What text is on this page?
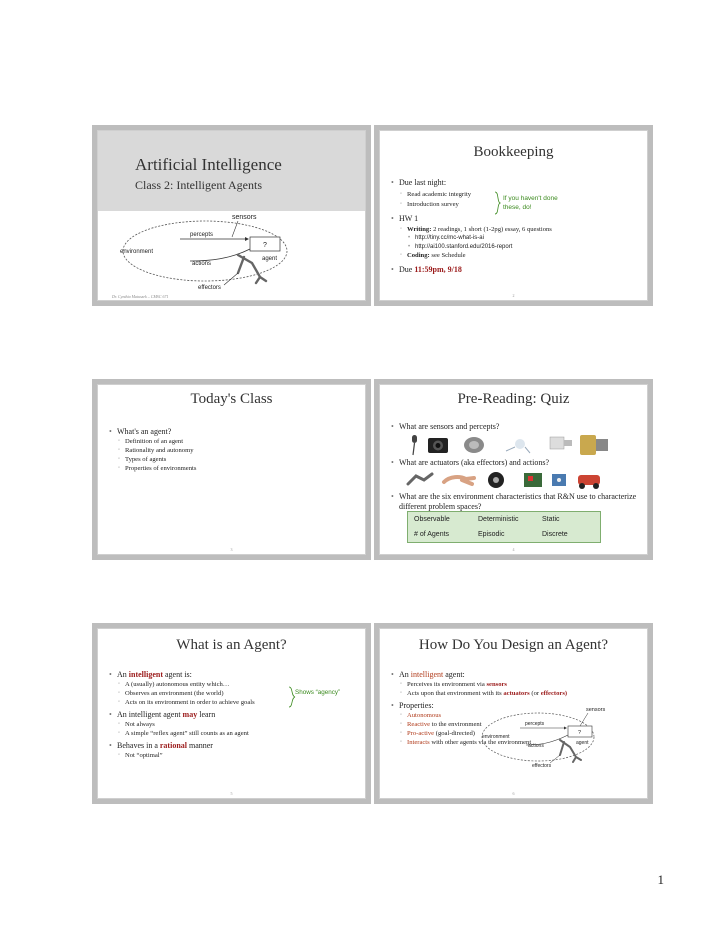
Artificial Intelligence
Class 2: Intelligent Agents
sensors
percepts
environment
actions
effectors
?
agent
Dr. Cynthia Matuszek – CMSC 671
Bookkeeping
• Due last night:
◦ Read academic integrity
◦ Introduction survey
• HW 1
◦ Writing: 2 readings, 1 short (1-2pg) essay, 6 questions
• http://tiny.cc/mc-what-is-ai
• http://ai100.stanford.edu/2016-report
◦ Coding: see Schedule
• Due 11:59pm, 9/18
If you haven't done these, do!
2
Today's Class
• What's an agent?
◦ Definition of an agent
◦ Rationality and autonomy
◦ Types of agents
◦ Properties of environments
3
Pre-Reading: Quiz
• What are sensors and percepts?
• What are actuators (aka effectors) and actions?
• What are the six environment characteristics that R&N use to characterize different problem spaces?
Observable	Deterministic	Static
# of Agents	Episodic	Discrete
4
What is an Agent?
• An intelligent agent is:
◦ A (usually) autonomous entity which…
◦ Observes an environment (the world)
◦ Acts on its environment in order to achieve goals
• An intelligent agent may learn
◦ Not always
◦ A simple “reflex agent” still counts as an agent
• Behaves in a rational manner
◦ Not “optimal”
Shows “agency”
5
How Do You Design an Agent?
• An intelligent agent:
◦ Perceives its environment via sensors
◦ Acts upon that environment with its actuators (or effectors)
• Properties:
◦ Autonomous
◦ Reactive to the environment
◦ Pro-active (goal-directed)
◦ Interacts with other agents via the environment
sensors
percepts
environment
actions
effectors
?
agent
6
1
